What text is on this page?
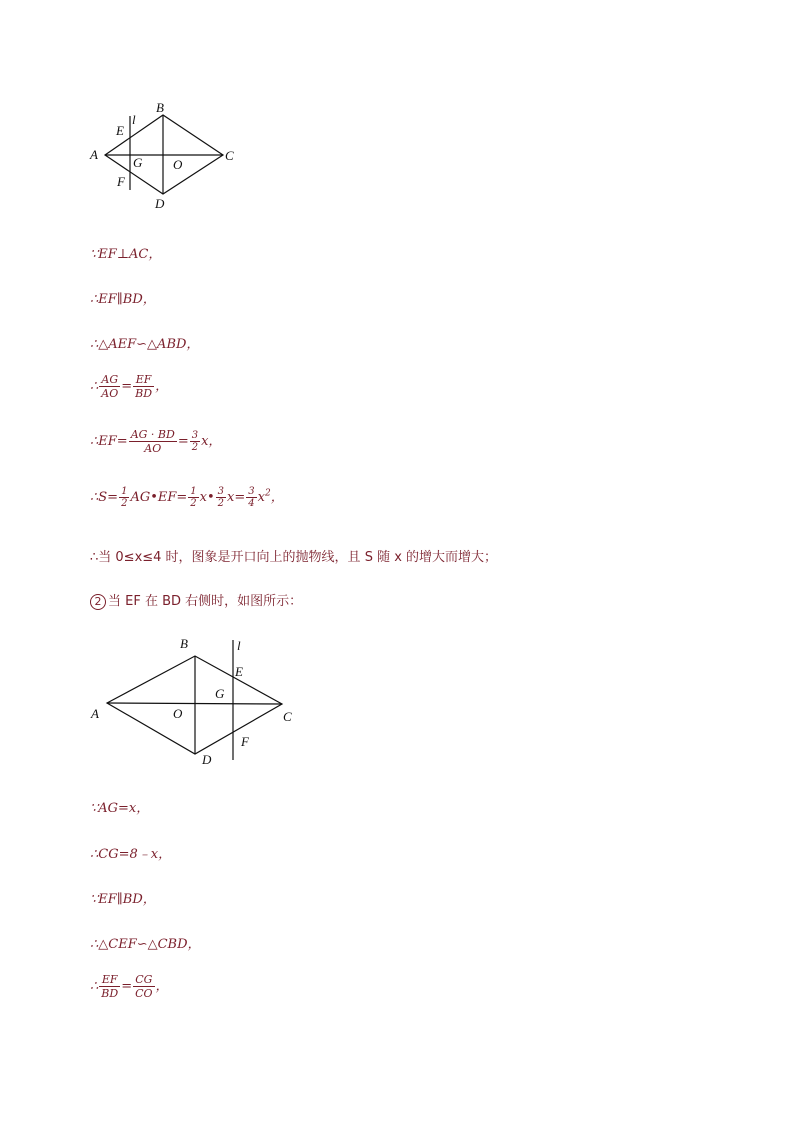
A
B
C
D
E
F
G O
l
∵EF⊥AC，
∴EF∥BD，
∴△AEF∽△ABD，
∴ $\frac{AG}{AO} = \frac{EF}{BD}$ ，
∴EF= $\frac{AG \cdot BD}{AO} = \frac{3}{2}$ x，
∴S= $\frac{1}{2}$ AG•EF= $\frac{1}{2}$ x• $\frac{3}{2} x= \frac{3}{4} x^2$，
∴当 0≤x≤4 时，图象是开口向上的抛物线，且 S 随 x 的增大而增大；
2 当 EF 在 BD 右侧时，如图所示：
A
B
C
D
E
F
G
O
l
∵AG=x，
∴CG=8﹣x，
∵EF∥BD，
∴△CEF∽△CBD，
∴ $\frac{EF}{BD} = \frac{CG}{CO}$ ，
